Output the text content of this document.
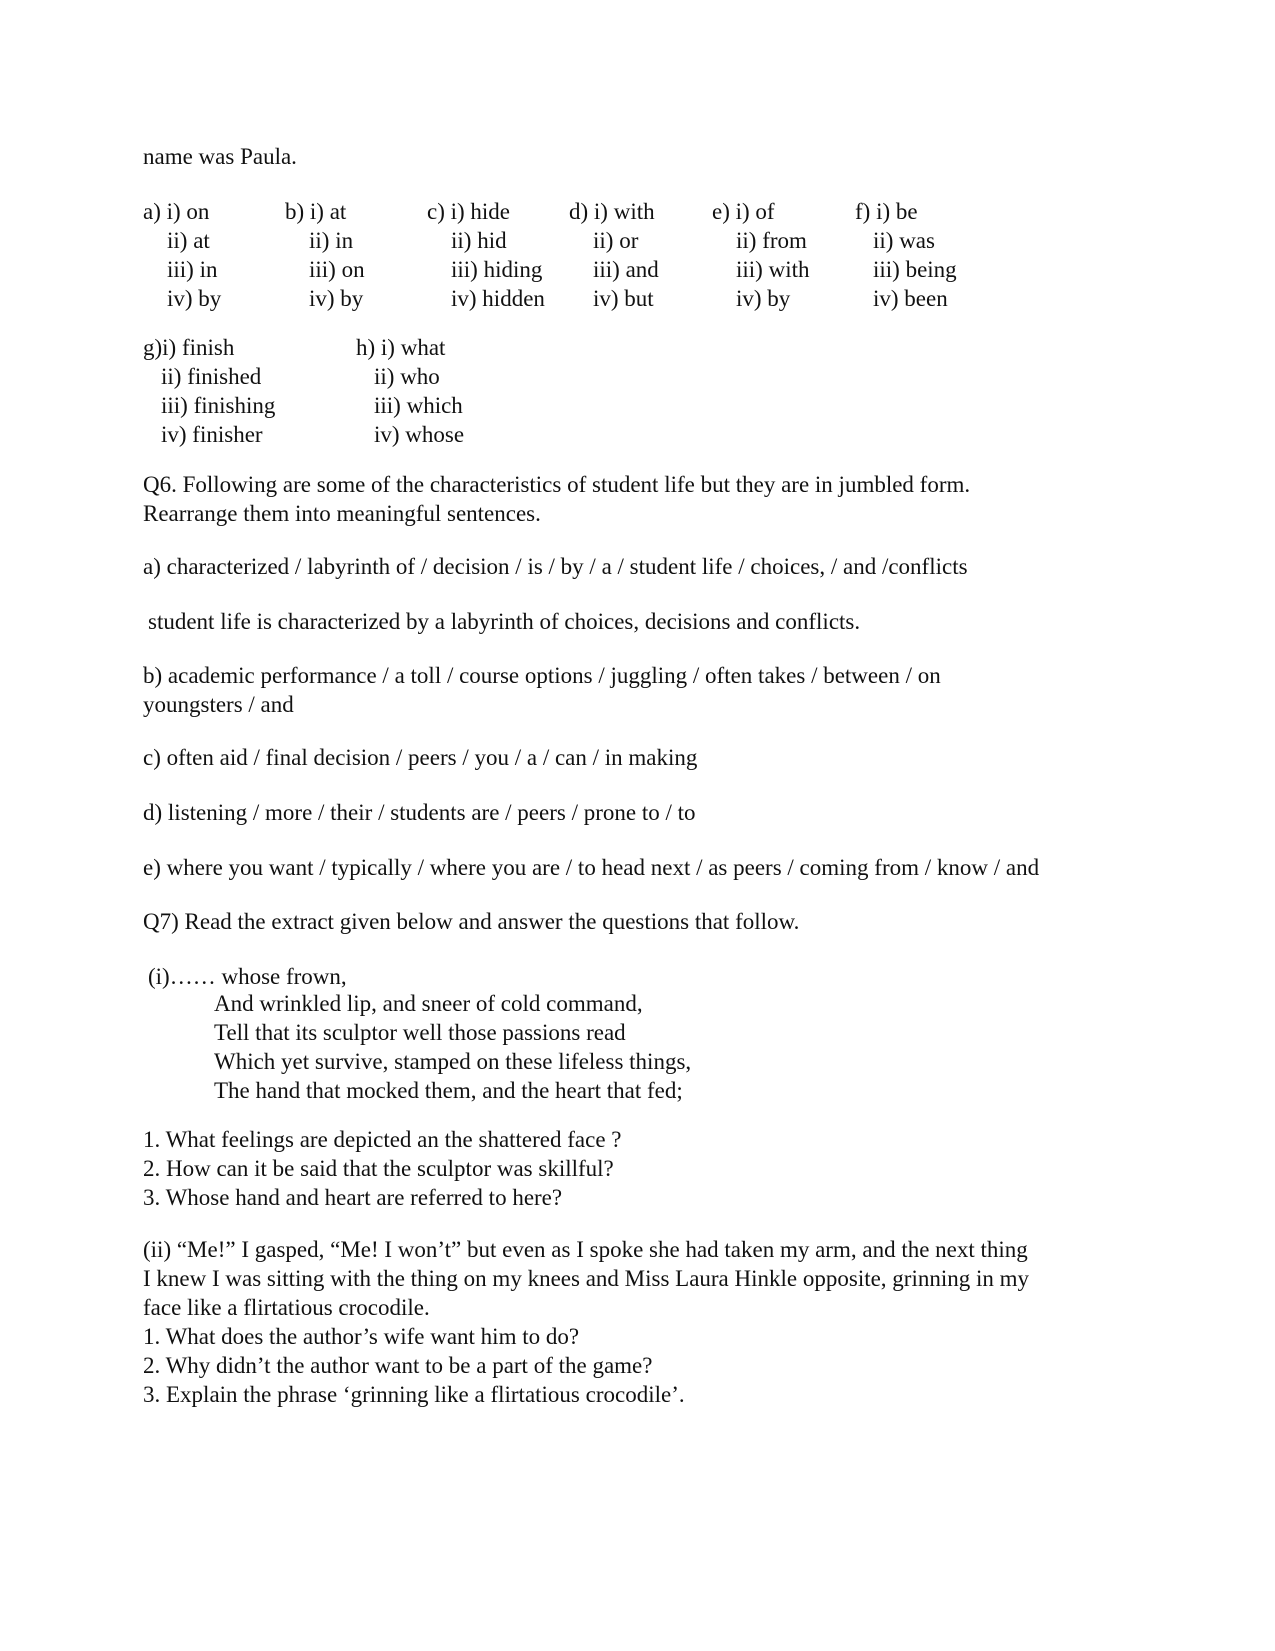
name was Paula.
a) i) on
ii) at
iii) in
iv) by
b) i) at
ii) in
iii) on
iv) by
c) i) hide
ii) hid
iii) hiding
iv) hidden
d) i) with
ii) or
iii) and
iv) but
e) i) of
ii) from
iii) with
iv) by
f) i) be
ii) was
iii) being
iv) been
g)i) finish
ii) finished
iii) finishing
iv) finisher
h) i) what
ii) who
iii) which
iv) whose
Q6. Following are some of the characteristics of student life but they are in jumbled form.
Rearrange them into meaningful sentences.
a) characterized / labyrinth of / decision / is / by / a / student life / choices, / and /conflicts
student life is characterized by a labyrinth of choices, decisions and conflicts.
b) academic performance / a toll / course options / juggling / often takes / between / on
youngsters / and
c) often aid / final decision / peers / you / a / can / in making
d) listening / more / their / students are / peers / prone to / to
e) where you want / typically / where you are / to head next / as peers / coming from / know / and
Q7) Read the extract given below and answer the questions that follow.
(i)…… whose frown,
And wrinkled lip, and sneer of cold command,
Tell that its sculptor well those passions read
Which yet survive, stamped on these lifeless things,
The hand that mocked them, and the heart that fed;
1. What feelings are depicted an the shattered face ?
2. How can it be said that the sculptor was skillful?
3. Whose hand and heart are referred to here?
(ii) “Me!” I gasped, “Me! I won’t” but even as I spoke she had taken my arm, and the next thing
I knew I was sitting with the thing on my knees and Miss Laura Hinkle opposite, grinning in my
face like a flirtatious crocodile.
1. What does the author’s wife want him to do?
2. Why didn’t the author want to be a part of the game?
3. Explain the phrase ‘grinning like a flirtatious crocodile’.
